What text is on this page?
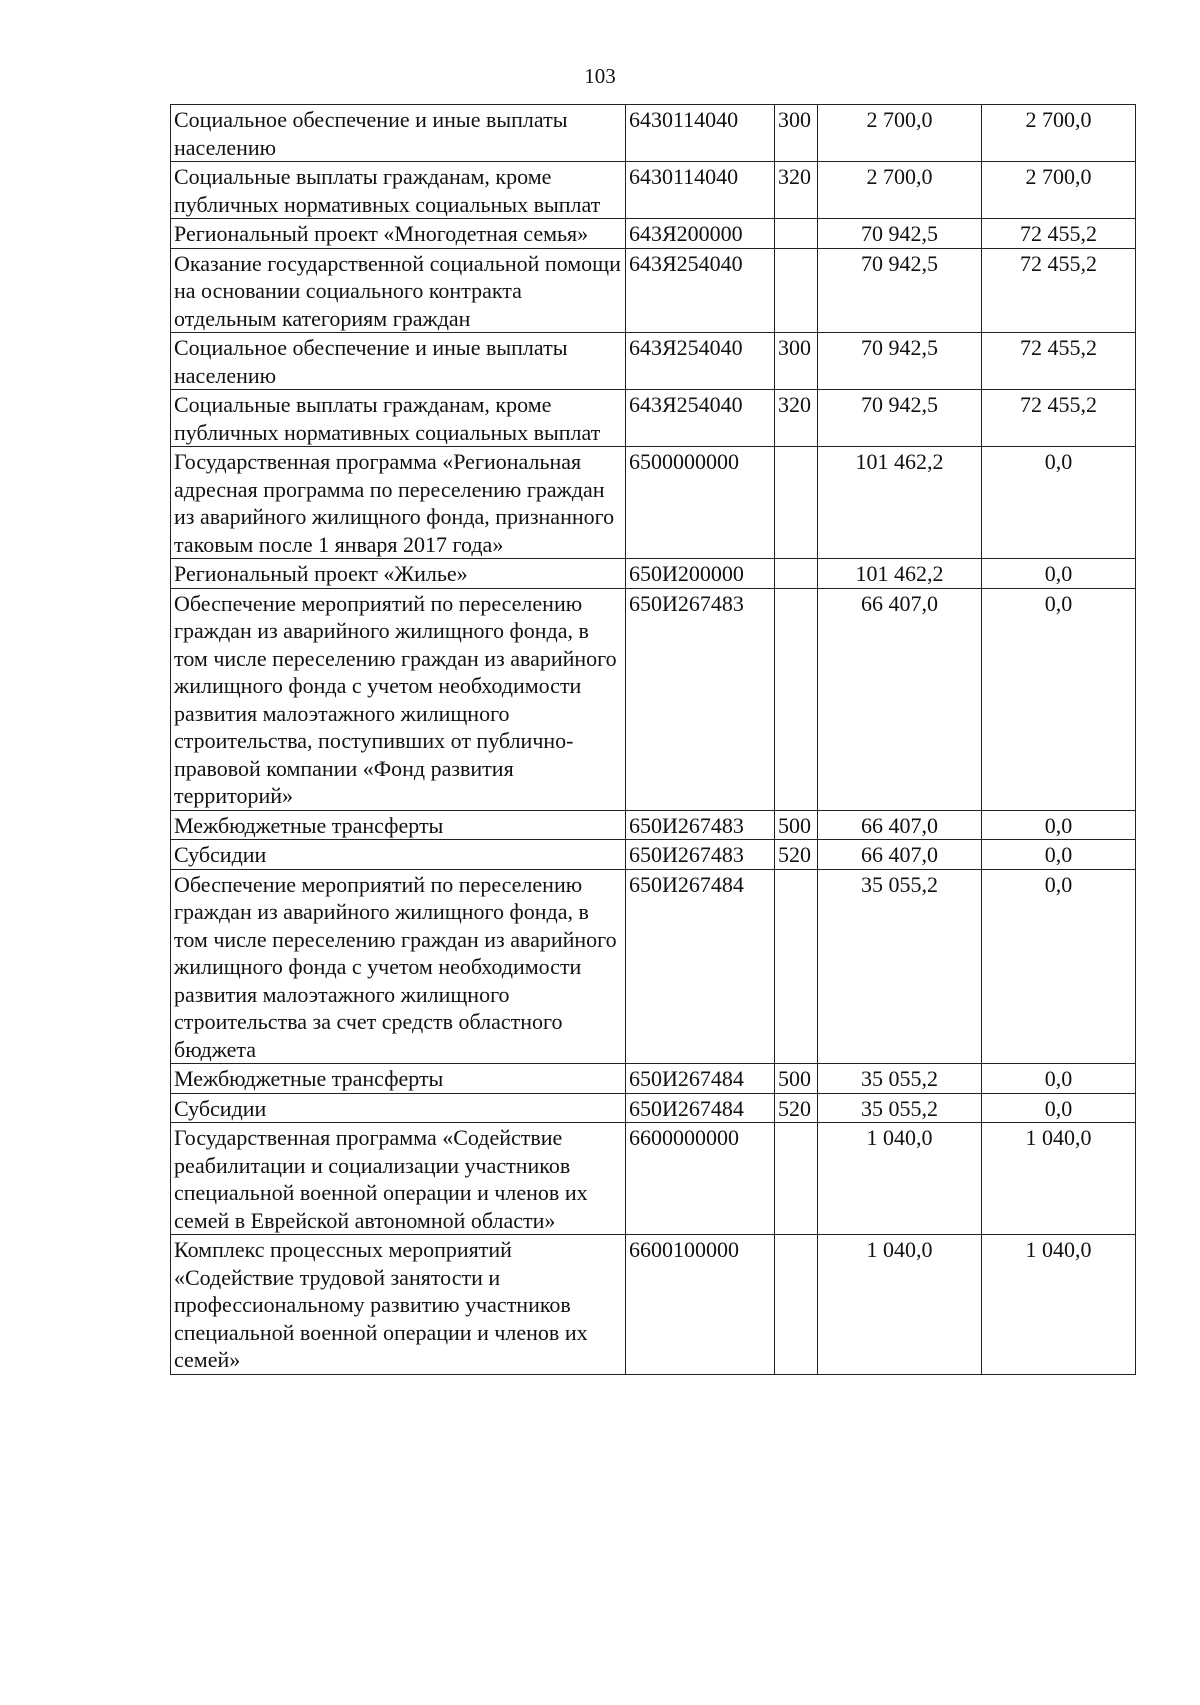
103
Социальное обеспечение и иные выплаты населению	6430114040	300	2 700,0	2 700,0
Социальные выплаты гражданам, кроме публичных нормативных социальных выплат	6430114040	320	2 700,0	2 700,0
Региональный проект «Многодетная семья»	643Я200000		70 942,5	72 455,2
Оказание государственной социальной помощи на основании социального контракта отдельным категориям граждан	643Я254040		70 942,5	72 455,2
Социальное обеспечение и иные выплаты населению	643Я254040	300	70 942,5	72 455,2
Социальные выплаты гражданам, кроме публичных нормативных социальных выплат	643Я254040	320	70 942,5	72 455,2
Государственная программа «Региональная адресная программа по переселению граждан из аварийного жилищного фонда, признанного таковым после 1 января 2017 года»	6500000000		101 462,2	0,0
Региональный проект «Жилье»	650И200000		101 462,2	0,0
Обеспечение мероприятий по переселению граждан из аварийного жилищного фонда, в том числе переселению граждан из аварийного жилищного фонда с учетом необходимости развития малоэтажного жилищного строительства, поступивших от публично-правовой компании «Фонд развития территорий»	650И267483		66 407,0	0,0
Межбюджетные трансферты	650И267483	500	66 407,0	0,0
Субсидии	650И267483	520	66 407,0	0,0
Обеспечение мероприятий по переселению граждан из аварийного жилищного фонда, в том числе переселению граждан из аварийного жилищного фонда с учетом необходимости развития малоэтажного жилищного строительства за счет средств областного бюджета	650И267484		35 055,2	0,0
Межбюджетные трансферты	650И267484	500	35 055,2	0,0
Субсидии	650И267484	520	35 055,2	0,0
Государственная программа «Содействие реабилитации и социализации участников специальной военной операции и членов их семей в Еврейской автономной области»	6600000000		1 040,0	1 040,0
Комплекс процессных мероприятий «Содействие трудовой занятости и профессиональному развитию участников специальной военной операции и членов их семей»	6600100000		1 040,0	1 040,0
